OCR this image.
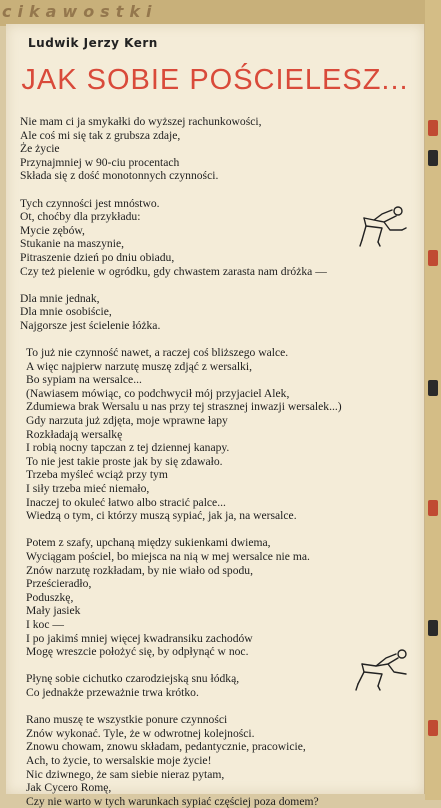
cikawostki
Ludwik Jerzy Kern
JAK SOBIE POŚCIELESZ...
Nie mam ci ja smykałki do wyższej rachunkowości,
Ale coś mi się tak z grubsza zdaje,
Że życie
Przynajmniej w 90-ciu procentach
Składa się z dość monotonnych czynności.
Tych czynności jest mnóstwo.
Ot, choćby dla przykładu:
Mycie zębów,
Stukanie na maszynie,
Pitraszenie dzień po dniu obiadu,
Czy też pielenie w ogródku, gdy chwastem zarasta nam dróżka —
Dla mnie jednak,
Dla mnie osobiście,
Najgorsze jest ścielenie łóżka.
To już nie czynność nawet, a raczej coś bliższego walce.
A więc najpierw narzutę muszę zdjąć z wersalki,
Bo sypiam na wersalce...
(Nawiasem mówiąc, co podchwycił mój przyjaciel Alek,
Zdumiewa brak Wersalu u nas przy tej strasznej inwazji wersalek...)
Gdy narzuta już zdjęta, moje wprawne łapy
Rozkładają wersalkę
I robią nocny tapczan z tej dziennej kanapy.
To nie jest takie proste jak by się zdawało.
Trzeba myśleć wciąż przy tym
I siły trzeba mieć niemało,
Inaczej to okuleć łatwo albo stracić palce...
Wiedzą o tym, ci którzy muszą sypiać, jak ja, na wersalce.
Potem z szafy, upchaną między sukienkami dwiema,
Wyciągam pościel, bo miejsca na nią w mej wersalce nie ma.
Znów narzutę rozkładam, by nie wiało od spodu,
Prześcieradło,
Poduszkę,
Mały jasiek
I koc —
I po jakimś mniej więcej kwadransiku zachodów
Mogę wreszcie położyć się, by odpłynąć w noc.
Płynę sobie cichutko czarodziejską snu łódką,
Co jednakże przeważnie trwa krótko.
Rano muszę te wszystkie ponure czynności
Znów wykonać. Tyle, że w odwrotnej kolejności.
Znowu chowam, znowu składam, pedantycznie, pracowicie,
Ach, to życie, to wersalskie moje życie!
Nic dziwnego, że sam siebie nieraz pytam,
Jak Cycero Romę,
Czy nie warto w tych warunkach sypiać częściej poza domem?
